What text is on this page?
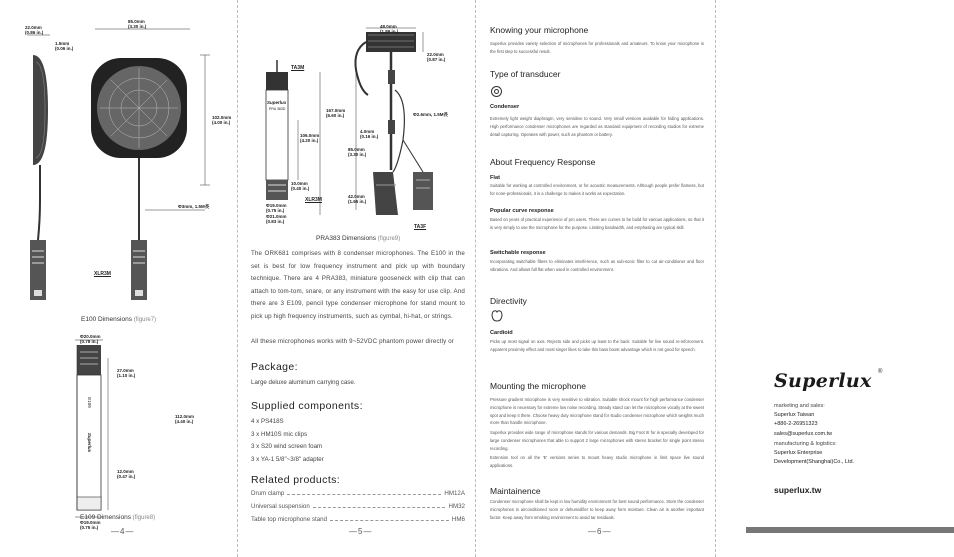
22.0mm
(0.86 in.)
85.0mm
(3.30 in.)
1.5mm
(0.06 in.)
102.0mm
(4.00 in.)
Φ3mm, 1.5M長
XLR3M
E100 Dimensions (figure7)
Φ20.0mm
(0.78 in.)
27.0mm
(1.10 in.)
112.0mm
(4.40 in.)
12.0mm
(0.47 in.)
Φ19.0mm
(0.75 in.)
E109
Superlux
E109 Dimensions (figure8)
—4—
TA3M
Superlux
PRA 383D	167.0mm
(6.60 in.)
106.0mm
(4.20 in.)
10.0mm
(0.40 in.)
Φ19.0mm
(0.75 in.)
Φ21.0mm
(0.83 in.)
XLR3M
48.0mm
(1.89 in.)
22.0mm
(0.87 in.)
Φ2.6mm, 1.5M長
4.0mm
(0.16 in.)
85.0mm
(3.30 in.)
42.0mm
(1.65 in.)
TA3F
PRA383 Dimensions (figure9)
The ORK681 comprises with 8 condenser microphones. The E100 in the set is best for low frequency instrument and pick up with boundary technique. There are 4 PRA383, miniature gooseneck with clip that can attach to tom-tom, snare, or any instrument with the easy for use clip. And there are 3 E109, pencil type condenser microphone for stand mount to pick up high frequency instruments, such as cymbal, hi-hat, or strings.
All these microphones works with 9~52VDC phantom power directly or
Package:
Large deluxe aluminum carrying case.
Supplied components:
4 x PS418S
3 x HM10S mic clips
3 x S20 wind screen foam
3 x YA-1 5/8"~3/8" adapter
Related products:
Drum clamp	HM12A
Universal suspension	HM32
Table top microphone stand	HM6
—5—
Knowing your microphone
Superlux provides variety selection of microphones for professionals and amateurs. To know your microphone is the first step to successful result.
Type of transducer
Condenser
Extremely light weight diaphragm, very sensitive to sound. Very small versions available for hiding applications. High performance condenser microphones are regarded as standard equipment of recording studios for extreme detail capturing. Operates with power, such as phantom or battery.
About Frequency Response
Flat
Suitable for working at controlled environment, or for acoustic measurements. Although people prefer flatness, but for none-professionals, it is a challenge to makes it works as expectation.
Popular curve response
Based on years of practical experience of pro users. There are curves to be build for various applications, so that it is very simply to use the microphone for the purpose. Limiting bandwidth, and emphasing are typical skill.
Switchable response
Incorporating switchable filters to eliminates interference, such as sub-sonic filter to cut air-conditioner and floor vibrations. And allows full flat when used in controlled environment.
Directivity
Cardioid
Picks up most signal on axis. Rejects side and picks up least to the back. Suitable for live sound re-inforcement. Apparent proximity effect and most singer likes to take this bass boost advantage which is not good for speech.
Mounting the microphone
Pressure gradient microphone is very sensitive to vibration. Suitable shock mount for high performance condenser microphone is necessary for extreme low noise recording. Steady stand can let the microphone vocally at the sweet spot and keep it there. Choose heavy duty microphone stand for studio condenser microphone which weights much more than handle microphone.
Superlux provides wide range of microphone stands for various demands. Big Foot III for is specially developed for large condenser microphones that able to support 2 large microphones with stereo bracket for single point stereo recording.
Extension tool on all the 'E' versions series to mount heavy studio microphone in limit space live sound applications.
Maintainence
Condenser microphone shall be kept in low humidity environment for best sound performance. Store the condenser microphones in airconditioned room or dehumidifier to keep away form moisture. Clean air is another important factor. Keep away from smoking environment to avoid tar residuals.
—6—
Superlux ®
marketing and sales:
Superlux Taiwan
+886-2-26951323
sales@superlux.com.tw
manufacturing & logistics:
Superlux Enterprise
Development(Shanghai)Co., Ltd.
superlux.tw
